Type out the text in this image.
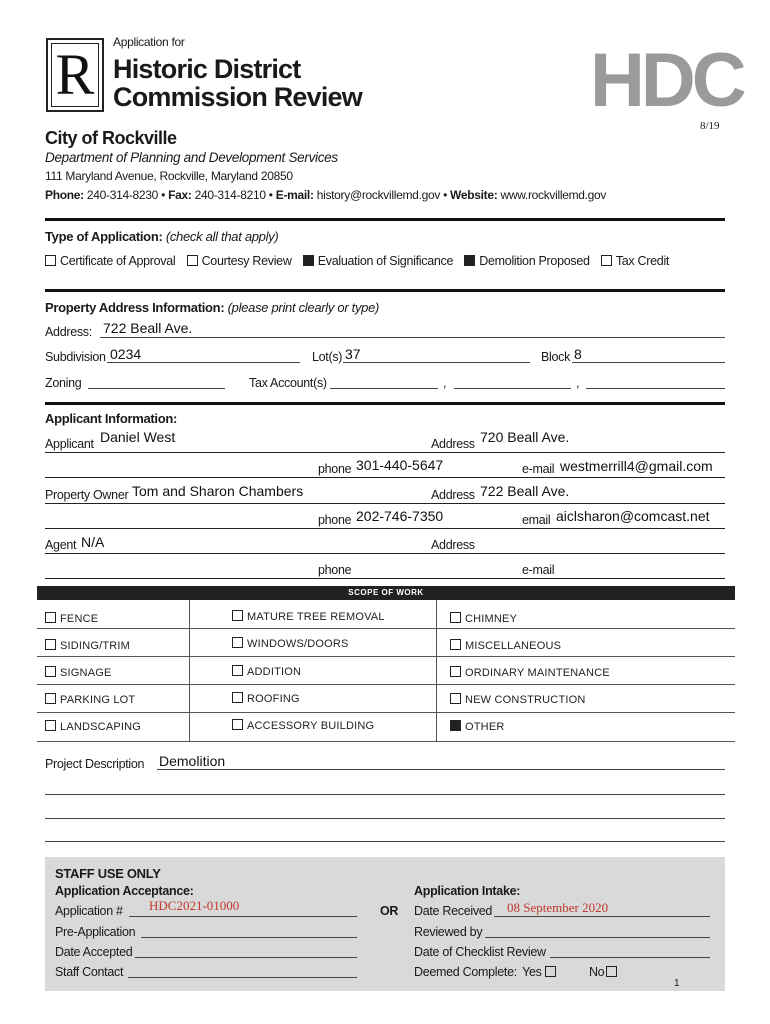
R	Application for
Historic District
Commission Review	HDC
8/19
City of Rockville
Department of Planning and Development Services
111 Maryland Avenue, Rockville, Maryland 20850
Phone: 240-314-8230 • Fax: 240-314-8210 • E-mail: history@rockvillemd.gov • Website: www.rockvillemd.gov
Type of Application: (check all that apply)
Certificate of Approval Courtesy Review Evaluation of Significance Demolition Proposed Tax Credit
Property Address Information: (please print clearly or type)
Address: 722 Beall Ave.
Subdivision 0234	Lot(s) 37	Block 8
Zoning	Tax Account(s)	,	,
Applicant Information:
Applicant Daniel West	Address 720 Beall Ave.
phone 301-440-5647	e-mail westmerrill4@gmail.com
Property Owner Tom and Sharon Chambers	Address 722 Beall Ave.
phone 202-746-7350	email aiclsharon@comcast.net
Agent N/A	Address
phone	e-mail
SCOPE OF WORK
FENCE	MATURE TREE REMOVAL	CHIMNEY
SIDING/TRIM	WINDOWS/DOORS	MISCELLANEOUS
SIGNAGE	ADDITION	ORDINARY MAINTENANCE
PARKING LOT	ROOFING	NEW CONSTRUCTION
LANDSCAPING	ACCESSORY BUILDING	OTHER
Project Description Demolition
STAFF USE ONLY
Application Acceptance:
Application # HDC2021-01000
Pre-Application
Date Accepted
Staff Contact
OR
Application Intake:
Date Received 08 September 2020
Reviewed by
Date of Checklist Review
Deemed Complete: Yes	No
1
